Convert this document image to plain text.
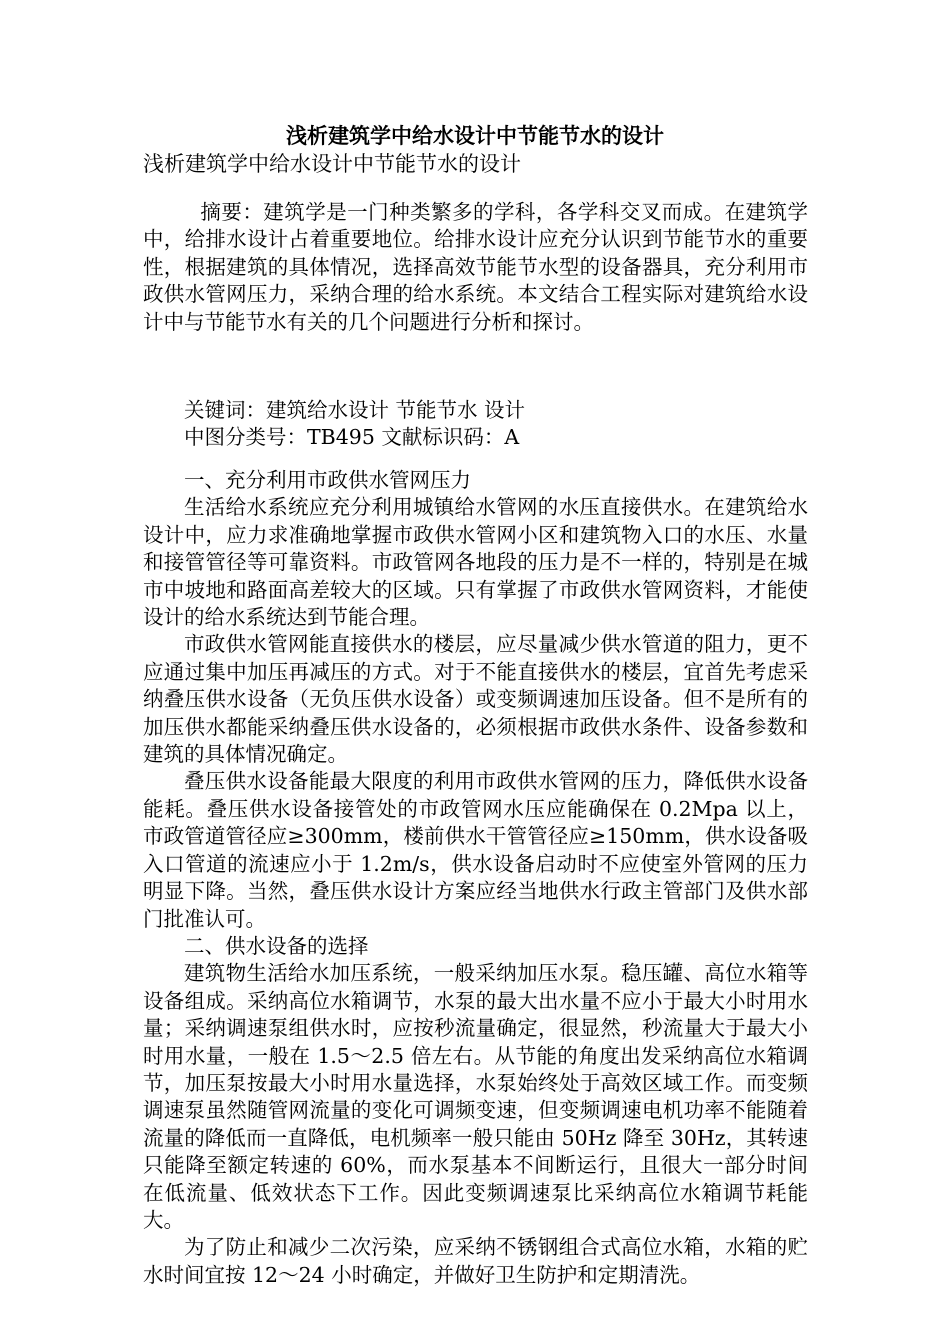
浅析建筑学中给水设计中节能节水的设计
浅析建筑学中给水设计中节能节水的设计

摘要：建筑学是一门种类繁多的学科，各学科交叉而成。在建筑学中，给排水设计占着重要地位。给排水设计应充分认识到节能节水的重要性，根据建筑的具体情况，选择高效节能节水型的设备器具，充分利用市政供水管网压力，采纳合理的给水系统。本文结合工程实际对建筑给水设计中与节能节水有关的几个问题进行分析和探讨。

关键词：建筑给水设计 节能节水 设计

中图分类号：TB495 文献标识码：A

一、充分利用市政供水管网压力

生活给水系统应充分利用城镇给水管网的水压直接供水。在建筑给水设计中，应力求准确地掌握市政供水管网小区和建筑物入口的水压、水量和接管管径等可靠资料。市政管网各地段的压力是不一样的，特别是在城市中坡地和路面高差较大的区域。只有掌握了市政供水管网资料，才能使设计的给水系统达到节能合理。

市政供水管网能直接供水的楼层，应尽量减少供水管道的阻力，更不应通过集中加压再减压的方式。对于不能直接供水的楼层，宜首先考虑采纳叠压供水设备（无负压供水设备）或变频调速加压设备。但不是所有的加压供水都能采纳叠压供水设备的，必须根据市政供水条件、设备参数和建筑的具体情况确定。

叠压供水设备能最大限度的利用市政供水管网的压力，降低供水设备能耗。叠压供水设备接管处的市政管网水压应能确保在 0.2Mpa 以上，市政管道管径应≥300mm，楼前供水干管管径应≥150mm，供水设备吸入口管道的流速应小于 1.2m/s，供水设备启动时不应使室外管网的压力明显下降。当然，叠压供水设计方案应经当地供水行政主管部门及供水部门批准认可。

二、供水设备的选择

建筑物生活给水加压系统，一般采纳加压水泵。稳压罐、高位水箱等设备组成。采纳高位水箱调节，水泵的最大出水量不应小于最大小时用水量；采纳调速泵组供水时，应按秒流量确定，很显然，秒流量大于最大小时用水量，一般在 1.5～2.5 倍左右。从节能的角度出发采纳高位水箱调节，加压泵按最大小时用水量选择，水泵始终处于高效区域工作。而变频调速泵虽然随管网流量的变化可调频变速，但变频调速电机功率不能随着流量的降低而一直降低，电机频率一般只能由 50Hz 降至 30Hz，其转速只能降至额定转速的 60%，而水泵基本不间断运行，且很大一部分时间在低流量、低效状态下工作。因此变频调速泵比采纳高位水箱调节耗能大。

为了防止和减少二次污染，应采纳不锈钢组合式高位水箱，水箱的贮水时间宜按 12～24 小时确定，并做好卫生防护和定期清洗。
